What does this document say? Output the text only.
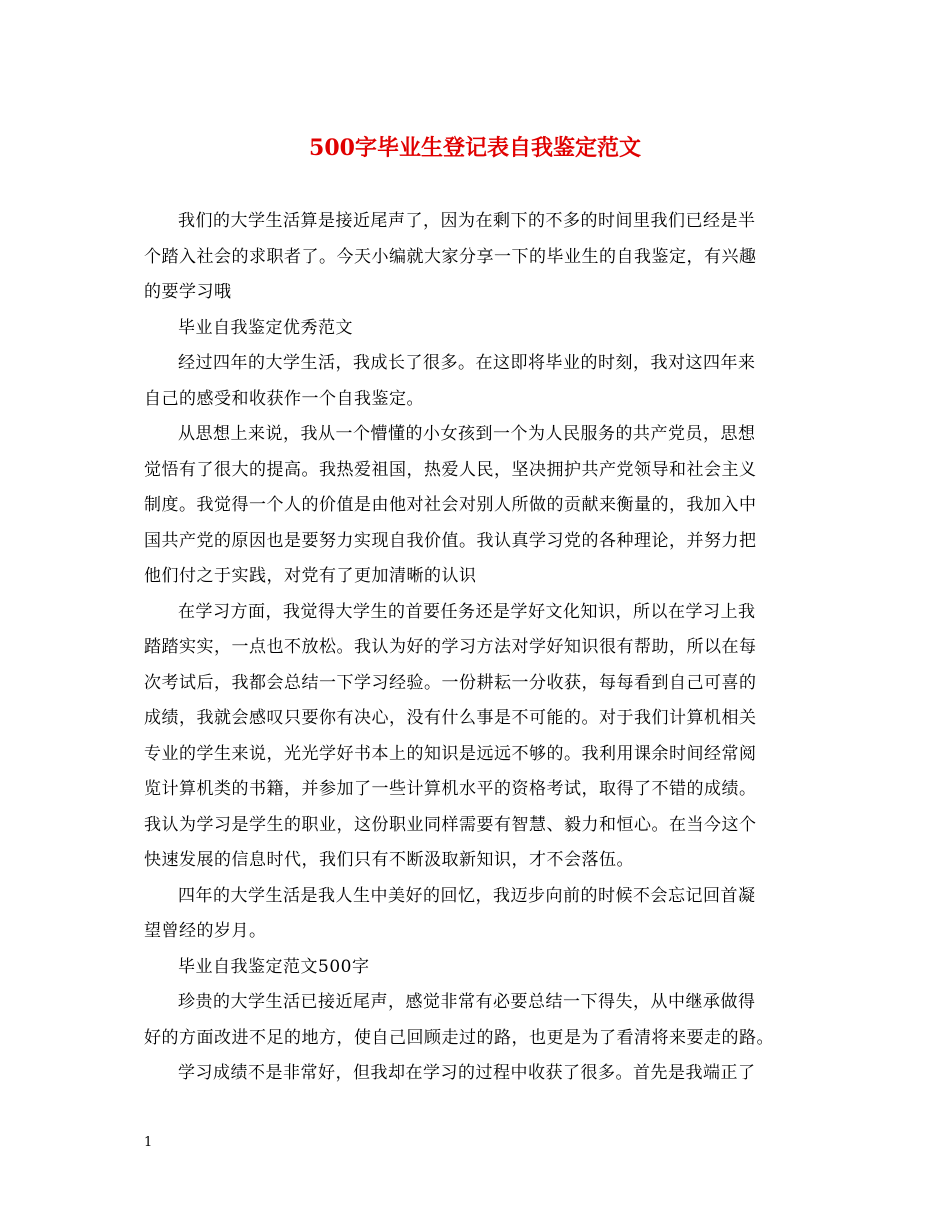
500字毕业生登记表自我鉴定范文
我们的大学生活算是接近尾声了，因为在剩下的不多的时间里我们已经是半
个踏入社会的求职者了。今天小编就大家分享一下的毕业生的自我鉴定，有兴趣
的要学习哦
毕业自我鉴定优秀范文
经过四年的大学生活，我成长了很多。在这即将毕业的时刻，我对这四年来
自己的感受和收获作一个自我鉴定。
从思想上来说，我从一个懵懂的小女孩到一个为人民服务的共产党员，思想
觉悟有了很大的提高。我热爱祖国，热爱人民，坚决拥护共产党领导和社会主义
制度。我觉得一个人的价值是由他对社会对别人所做的贡献来衡量的，我加入中
国共产党的原因也是要努力实现自我价值。我认真学习党的各种理论，并努力把
他们付之于实践，对党有了更加清晰的认识
在学习方面，我觉得大学生的首要任务还是学好文化知识，所以在学习上我
踏踏实实，一点也不放松。我认为好的学习方法对学好知识很有帮助，所以在每
次考试后，我都会总结一下学习经验。一份耕耘一分收获，每每看到自己可喜的
成绩，我就会感叹只要你有决心，没有什么事是不可能的。对于我们计算机相关
专业的学生来说，光光学好书本上的知识是远远不够的。我利用课余时间经常阅
览计算机类的书籍，并参加了一些计算机水平的资格考试，取得了不错的成绩。
我认为学习是学生的职业，这份职业同样需要有智慧、毅力和恒心。在当今这个
快速发展的信息时代，我们只有不断汲取新知识，才不会落伍。
四年的大学生活是我人生中美好的回忆，我迈步向前的时候不会忘记回首凝
望曾经的岁月。
毕业自我鉴定范文500字
珍贵的大学生活已接近尾声，感觉非常有必要总结一下得失，从中继承做得
好的方面改进不足的地方，使自己回顾走过的路，也更是为了看清将来要走的路。
学习成绩不是非常好，但我却在学习的过程中收获了很多。首先是我端正了
1
